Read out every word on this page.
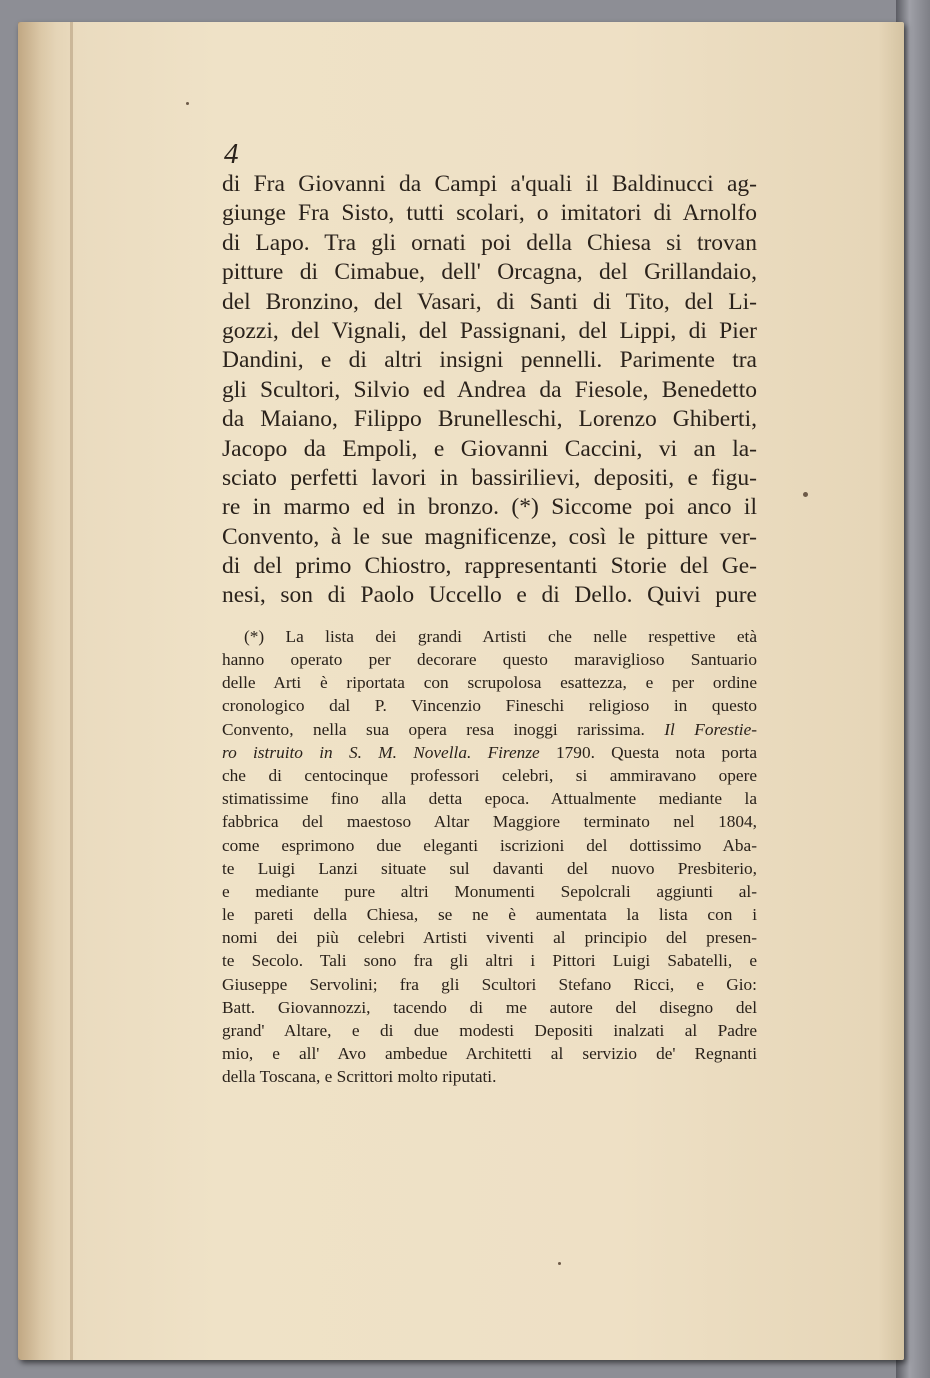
4
di Fra Giovanni da Campi a'quali il Baldinucci ag-
giunge Fra Sisto, tutti scolari, o imitatori di Arnolfo
di Lapo. Tra gli ornati poi della Chiesa si trovan
pitture di Cimabue, dell' Orcagna, del Grillandaio,
del Bronzino, del Vasari, di Santi di Tito, del Li-
gozzi, del Vignali, del Passignani, del Lippi, di Pier
Dandini, e di altri insigni pennelli. Parimente tra
gli Scultori, Silvio ed Andrea da Fiesole, Benedetto
da Maiano, Filippo Brunelleschi, Lorenzo Ghiberti,
Jacopo da Empoli, e Giovanni Caccini, vi an la-
sciato perfetti lavori in bassirilievi, depositi, e figu-
re in marmo ed in bronzo. (*) Siccome poi anco il
Convento, à le sue magnificenze, così le pitture ver-
di del primo Chiostro, rappresentanti Storie del Ge-
nesi, son di Paolo Uccello e di Dello. Quivi pure
(*) La lista dei grandi Artisti che nelle respettive età
hanno operato per decorare questo maraviglioso Santuario
delle Arti è riportata con scrupolosa esattezza, e per ordine
cronologico dal P. Vincenzio Fineschi religioso in questo
Convento, nella sua opera resa inoggi rarissima. Il Forestie-
ro istruito in S. M. Novella. Firenze 1790. Questa nota porta
che di centocinque professori celebri, si ammiravano opere
stimatissime fino alla detta epoca. Attualmente mediante la
fabbrica del maestoso Altar Maggiore terminato nel 1804,
come esprimono due eleganti iscrizioni del dottissimo Aba-
te Luigi Lanzi situate sul davanti del nuovo Presbiterio,
e mediante pure altri Monumenti Sepolcrali aggiunti al-
le pareti della Chiesa, se ne è aumentata la lista con i
nomi dei più celebri Artisti viventi al principio del presen-
te Secolo. Tali sono fra gli altri i Pittori Luigi Sabatelli, e
Giuseppe Servolini; fra gli Scultori Stefano Ricci, e Gio:
Batt. Giovannozzi, tacendo di me autore del disegno del
grand' Altare, e di due modesti Depositi inalzati al Padre
mio, e all' Avo ambedue Architetti al servizio de' Regnanti
della Toscana, e Scrittori molto riputati.
